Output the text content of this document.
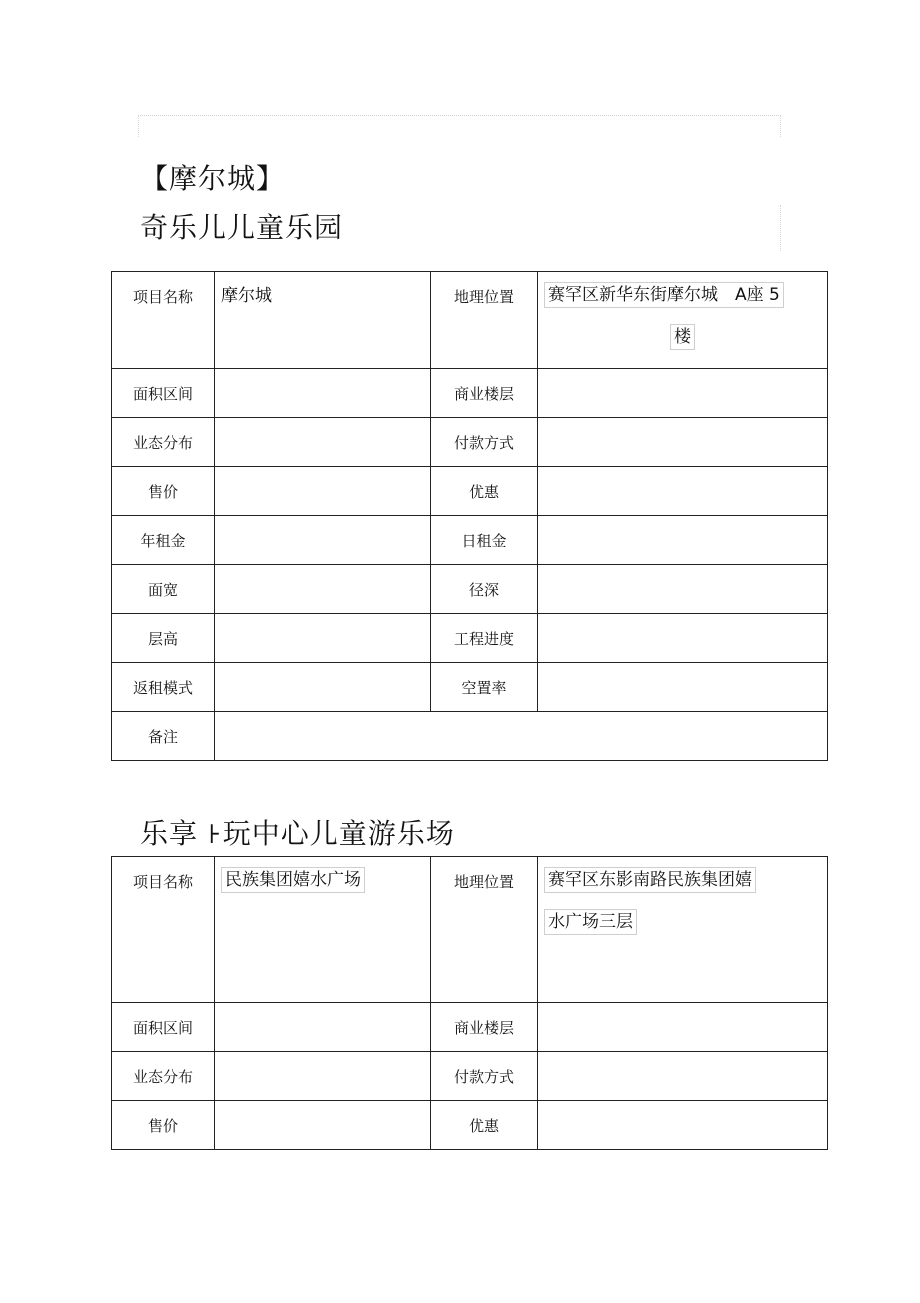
【摩尔城】
奇乐儿儿童乐园
项目名称	摩尔城	地理位置	赛罕区新华东街摩尔城　A座 5
楼

面积区间		商业楼层	
业态分布		付款方式	
售价		优惠	
年租金		日租金	
面宽		径深	
层高		工程进度	
返租模式		空置率	
备注			
乐享 ꜔玩中心儿童游乐场
项目名称	民族集团嬉水广场	地理位置	赛罕区东影南路民族集团嬉
水广场三层

面积区间		商业楼层	
业态分布		付款方式	
售价		优惠	
